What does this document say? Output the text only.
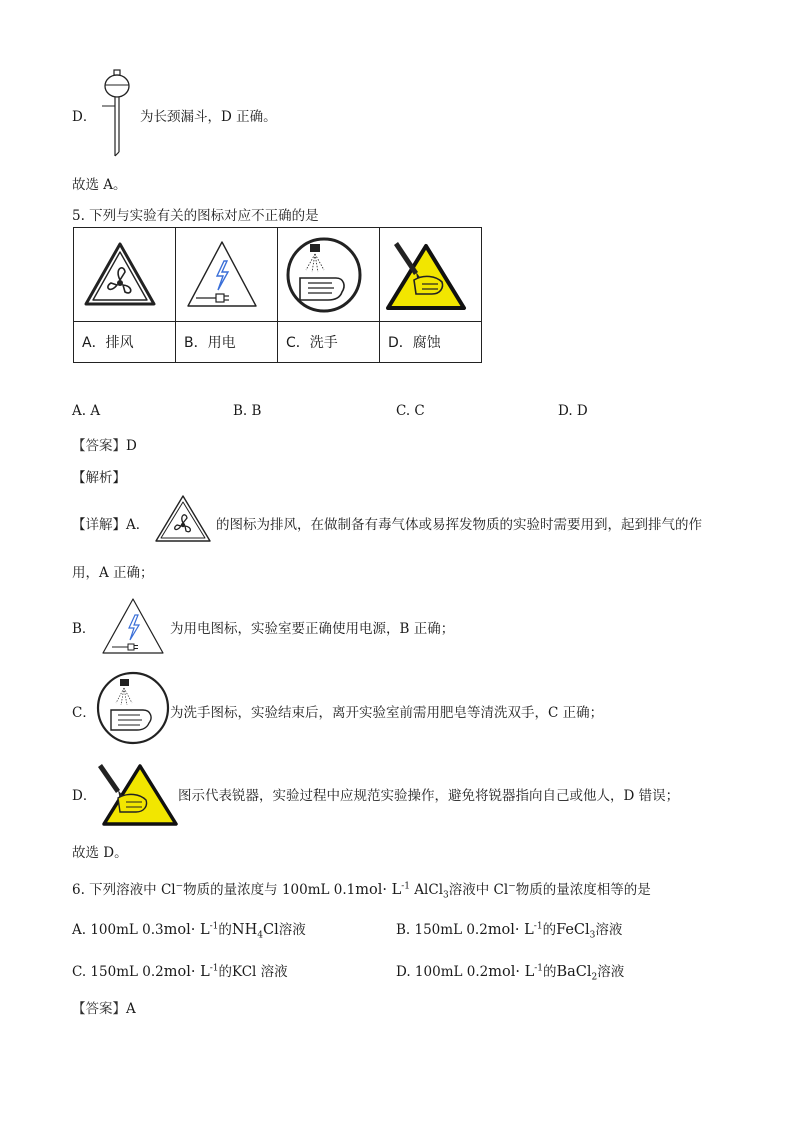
D．	为长颈漏斗，D 正确。
故选 A。
5. 下列与实验有关的图标对应不正确的是

A．排风	B．用电	C．洗手	D．腐蚀
A. A	B. B	C. C	D. D
【答案】D
【解析】
【详解】A．	的图标为排风，在做制备有毒气体或易挥发物质的实验时需要用到，起到排气的作
用，A 正确；
B．	为用电图标，实验室要正确使用电源，B 正确；
C．	为洗手图标，实验结束后，离开实验室前需用肥皂等清洗双手，C 正确；
D．	图示代表锐器，实验过程中应规范实验操作，避免将锐器指向自己或他人，D 错误；
故选 D。
6. 下列溶液中 Cl−物质的量浓度与 100mL $0.1mol\cdot L^{-1}$ AlCl$_3$溶液中 Cl−物质的量浓度相等的是
A. 100mL $0.3mol\cdot L^{-1}$的$NH_4Cl$溶液	B. 150mL $0.2mol\cdot L^{-1}$的FeCl$_3$溶液
C. 150mL $0.2mol\cdot L^{-1}$的KCl 溶液	D. 100mL $0.2mol\cdot L^{-1}$的BaCl$_2$溶液
【答案】A
